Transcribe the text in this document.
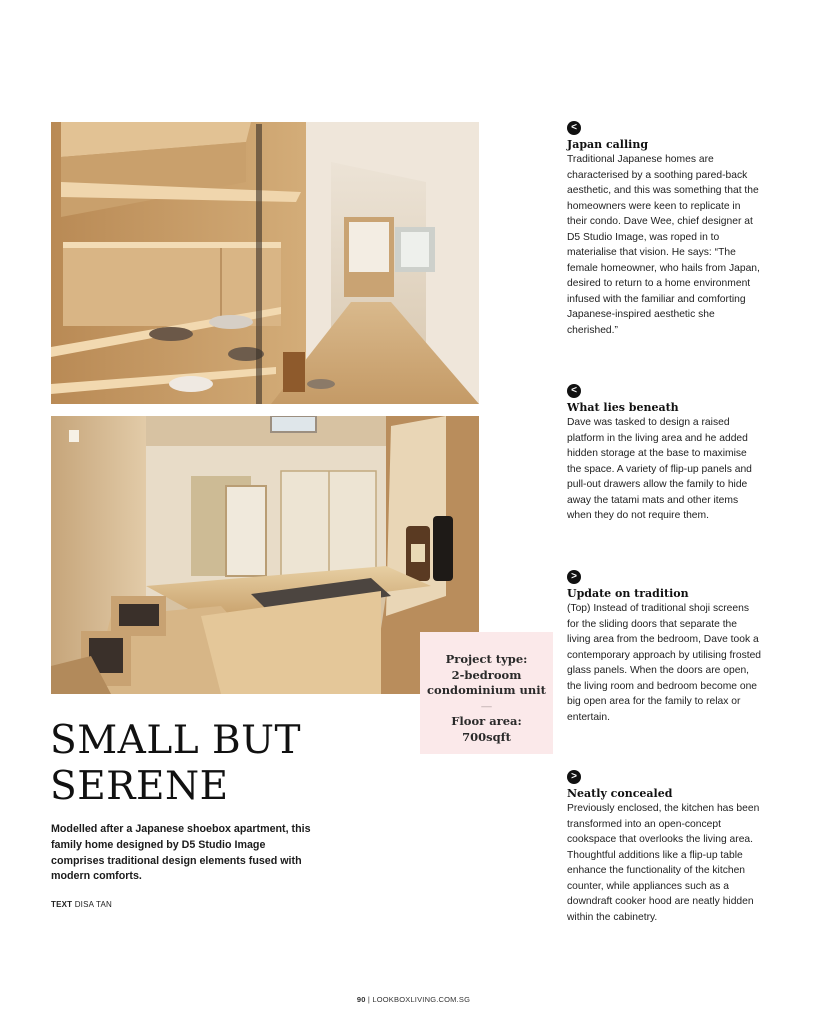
Project type:
2-bedroom
condominium unit
—
Floor area:
700sqft
SMALL BUT
SERENE

Modelled after a Japanese shoebox apartment, this family home designed by D5 Studio Image comprises traditional design elements fused with modern comforts.

TEXT DISA TAN
<
Japan calling

Traditional Japanese homes are characterised by a soothing pared-back aesthetic, and this was something that the homeowners were keen to replicate in their condo. Dave Wee, chief designer at D5 Studio Image, was roped in to materialise that vision. He says: “The female homeowner, who hails from Japan, desired to return to a home environment infused with the familiar and comforting Japanese-inspired aesthetic she cherished.”

<
What lies beneath

Dave was tasked to design a raised platform in the living area and he added hidden storage at the base to maximise the space. A variety of flip-up panels and pull-out drawers allow the family to hide away the tatami mats and other items when they do not require them.

>
Update on tradition

(Top) Instead of traditional shoji screens for the sliding doors that separate the living area from the bedroom, Dave took a contemporary approach by utilising frosted glass panels. When the doors are open, the living room and bedroom become one big open area for the family to relax or entertain.

>
Neatly concealed

Previously enclosed, the kitchen has been transformed into an open-concept cookspace that overlooks the living area. Thoughtful additions like a flip-up table enhance the functionality of the kitchen counter, while appliances such as a downdraft cooker hood are neatly hidden within the cabinetry.

90 | LOOKBOXLIVING.COM.SG
